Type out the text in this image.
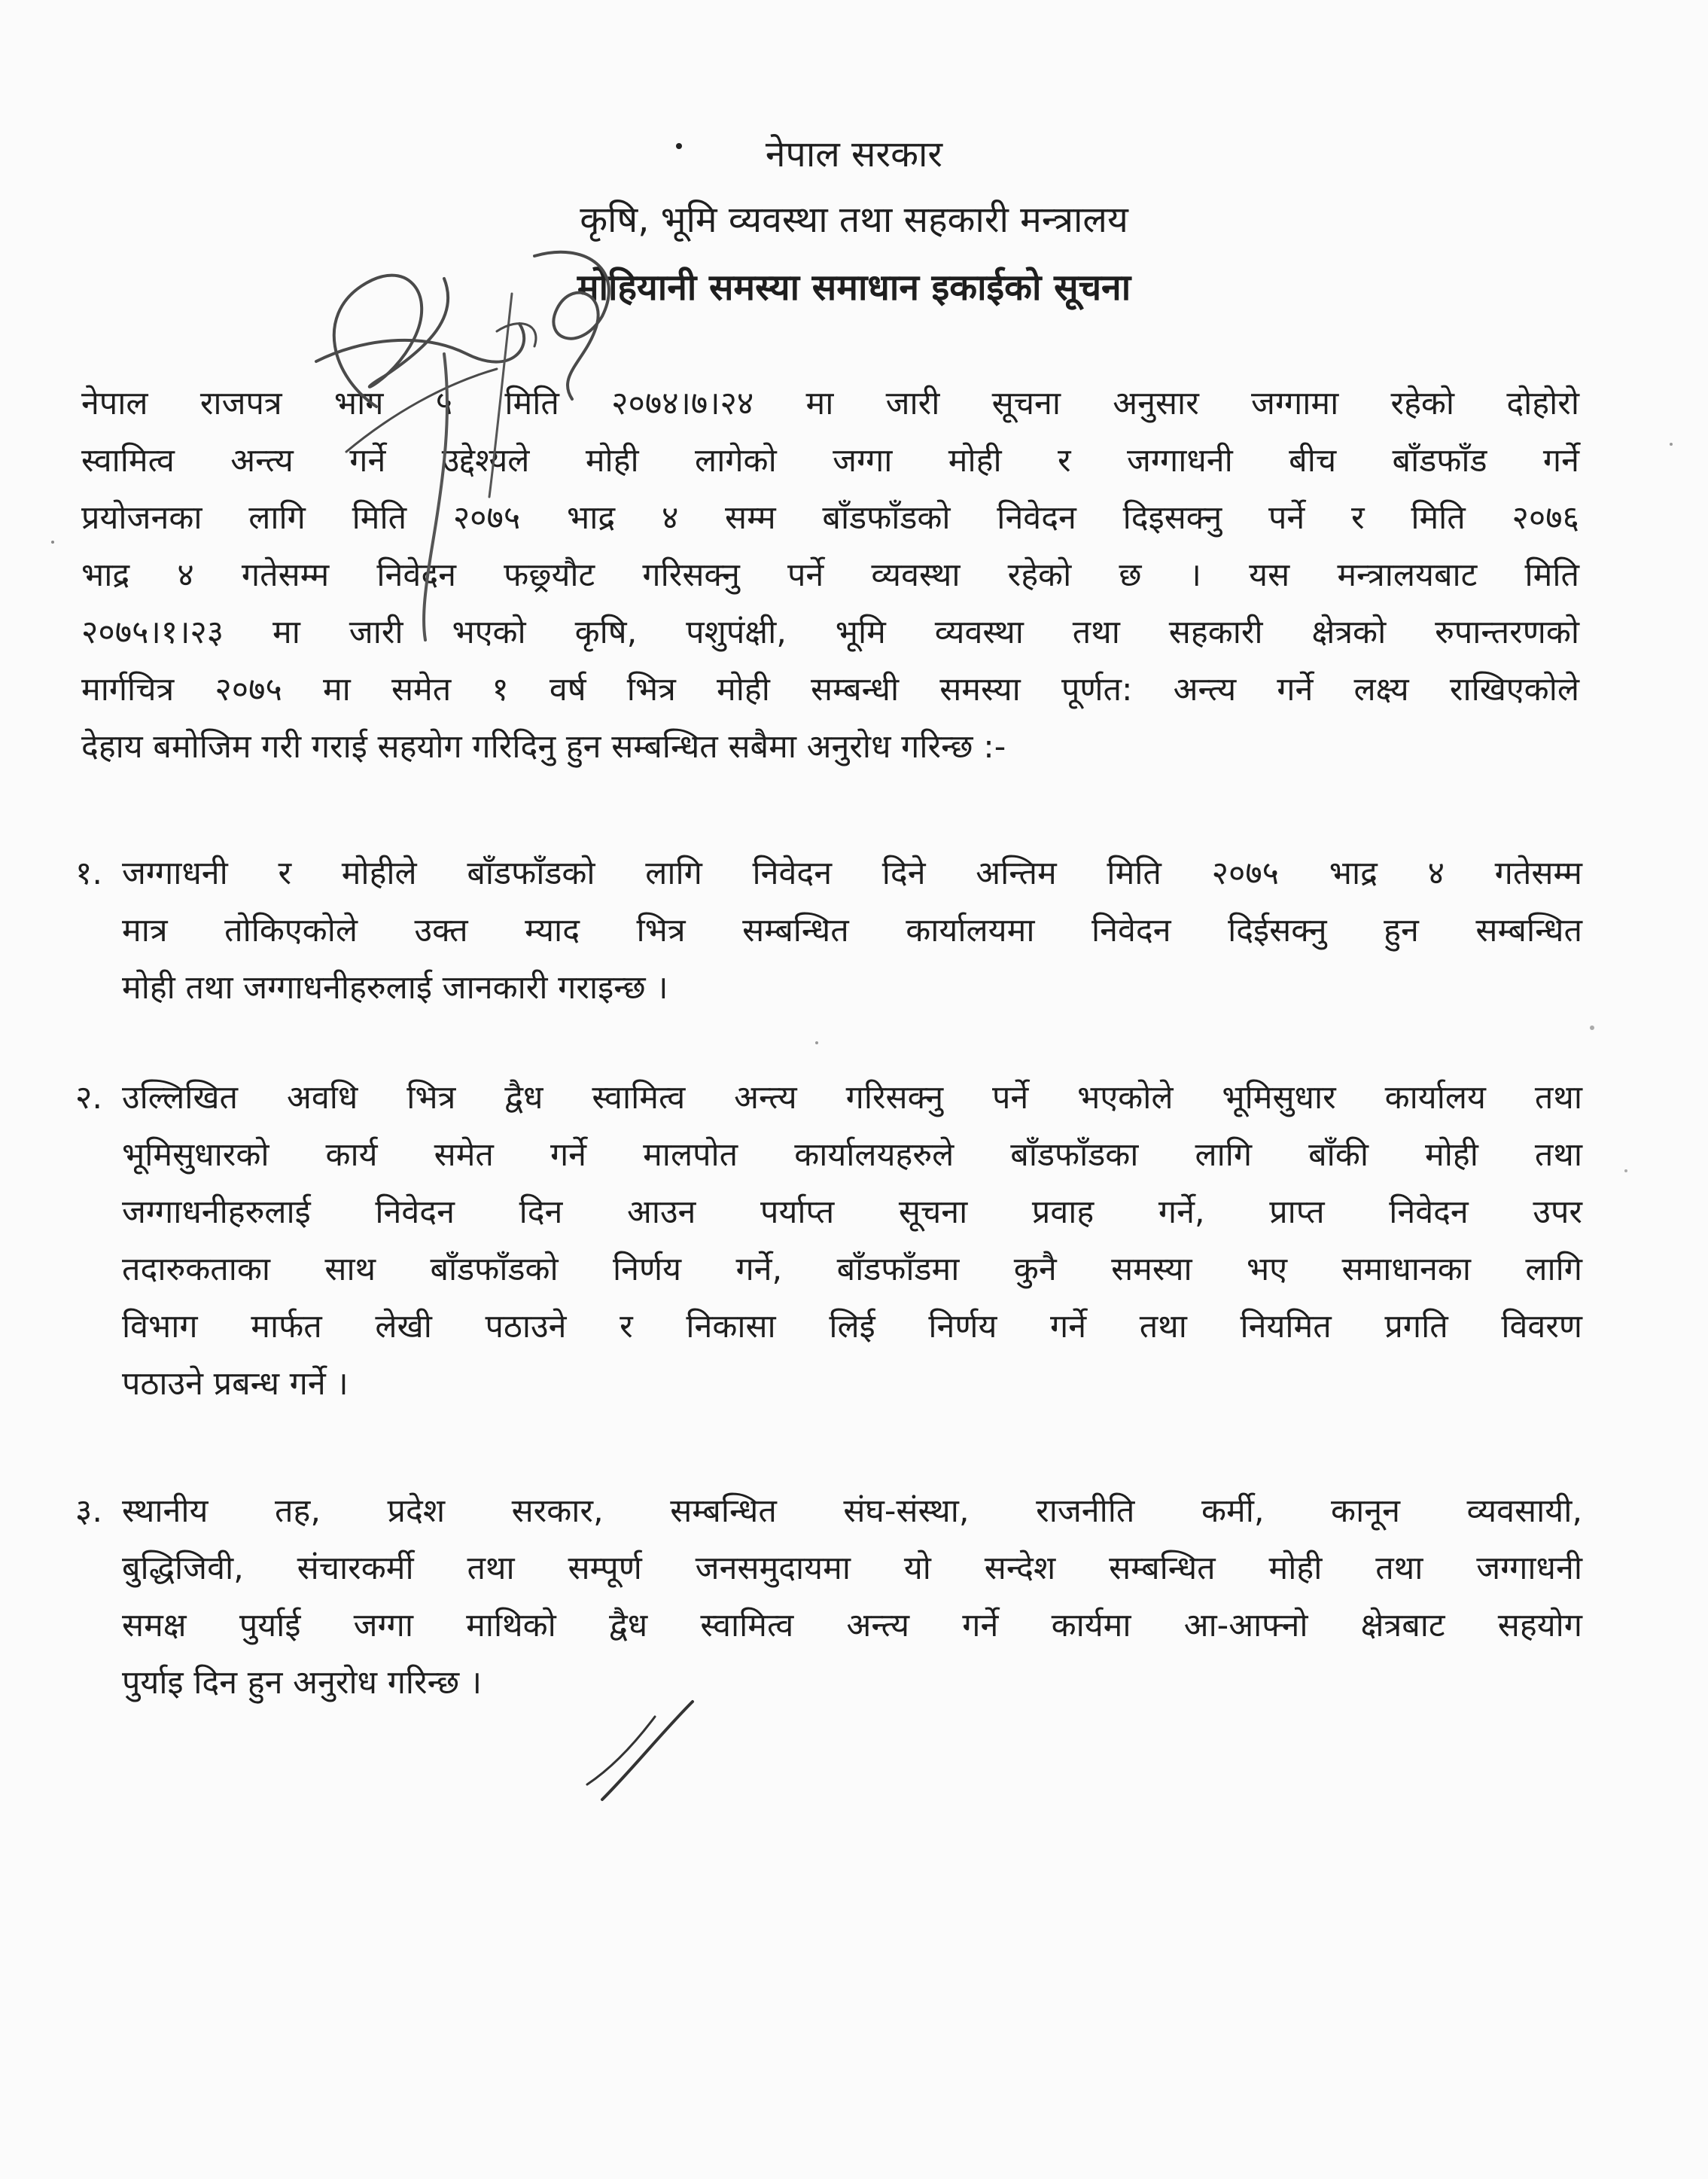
नेपाल सरकार
कृषि, भूमि व्यवस्था तथा सहकारी मन्त्रालय
मोहियानी समस्या समाधान इकाईको सूचना
नेपाल राजपत्र भाग ५ मिति २०७४।७।२४ मा जारी सूचना अनुसार जग्गामा रहेको दोहोरो
स्वामित्व अन्त्य गर्ने उद्देश्यले मोही लागेको जग्गा मोही र जग्गाधनी बीच बाँडफाँड गर्ने
प्रयोजनका लागि मिति २०७५ भाद्र ४ सम्म बाँडफाँडको निवेदन दिइसक्नु पर्ने र मिति २०७६
भाद्र ४ गतेसम्म निवेदन फछ्र्यौट गरिसक्नु पर्ने व्यवस्था रहेको छ । यस मन्त्रालयबाट मिति
२०७५।१।२३ मा जारी भएको कृषि, पशुपंक्षी, भूमि व्यवस्था तथा सहकारी क्षेत्रको रुपान्तरणको
मार्गचित्र २०७५ मा समेत १ वर्ष भित्र मोही सम्बन्धी समस्या पूर्णत: अन्त्य गर्ने लक्ष्य राखिएकोले
देहाय बमोजिम गरी गराई सहयोग गरिदिनु हुन सम्बन्धित सबैमा अनुरोध गरिन्छ :-
१. जग्गाधनी र मोहीले बाँडफाँडको लागि निवेदन दिने अन्तिम मिति २०७५ भाद्र ४ गतेसम्म
मात्र तोकिएकोले उक्त म्याद भित्र सम्बन्धित कार्यालयमा निवेदन दिईसक्नु हुन सम्बन्धित
मोही तथा जग्गाधनीहरुलाई जानकारी गराइन्छ ।
२. उल्लिखित अवधि भित्र द्वैध स्वामित्व अन्त्य गरिसक्नु पर्ने भएकोले भूमिसुधार कार्यालय तथा
भूमिसुधारको कार्य समेत गर्ने मालपोत कार्यालयहरुले बाँडफाँडका लागि बाँकी मोही तथा
जग्गाधनीहरुलाई निवेदन दिन आउन पर्याप्त सूचना प्रवाह गर्ने, प्राप्त निवेदन उपर
तदारुकताका साथ बाँडफाँडको निर्णय गर्ने, बाँडफाँडमा कुनै समस्या भए समाधानका लागि
विभाग मार्फत लेखी पठाउने र निकासा लिई निर्णय गर्ने तथा नियमित प्रगति विवरण
पठाउने प्रबन्ध गर्ने ।
३. स्थानीय तह, प्रदेश सरकार, सम्बन्धित संघ-संस्था, राजनीति कर्मी, कानून व्यवसायी,
बुद्धिजिवी, संचारकर्मी तथा सम्पूर्ण जनसमुदायमा यो सन्देश सम्बन्धित मोही तथा जग्गाधनी
समक्ष पुर्याई जग्गा माथिको द्वैध स्वामित्व अन्त्य गर्ने कार्यमा आ-आफ्नो क्षेत्रबाट सहयोग
पुर्याइ दिन हुन अनुरोध गरिन्छ ।
